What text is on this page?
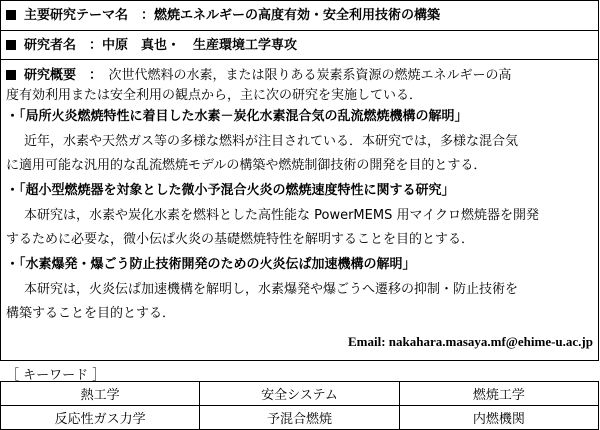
主要研究テーマ名　 ：燃焼エネルギーの高度有効・安全利用技術の構築
研究者名　 ：中原　真也・　生産環境工学専攻
研究概要　：　 次世代燃料の水素，または限りある炭素系資源の燃焼エネルギーの高
度有効利用または安全利用の観点から，主に次の研究を実施している．
・「局所火炎燃焼特性に着目した水素－炭化水素混合気の乱流燃焼機構の解明」
近年，水素や天然ガス等の多様な燃料が注目されている．本研究では，多様な混合気
に適用可能な汎用的な乱流燃焼モデルの構築や燃焼制御技術の開発を目的とする．
・「超小型燃焼器を対象とした微小予混合火炎の燃焼速度特性に関する研究」
本研究は，水素や炭化水素を燃料とした高性能な PowerMEMS 用マイクロ燃焼器を開発
するために必要な，微小伝ぱ火炎の基礎燃焼特性を解明することを目的とする．
・「水素爆発・爆ごう防止技術開発のための火炎伝ぱ加速機構の解明」
本研究は，火炎伝ぱ加速機構を解明し，水素爆発や爆ごうへ遷移の抑制・防止技術を
構築することを目的とする．
Email: nakahara.masaya.mf@ehime-u.ac.jp
［ キーワード ］
熱工学	安全システム	燃焼工学
反応性ガス力学	予混合燃焼	内燃機関
